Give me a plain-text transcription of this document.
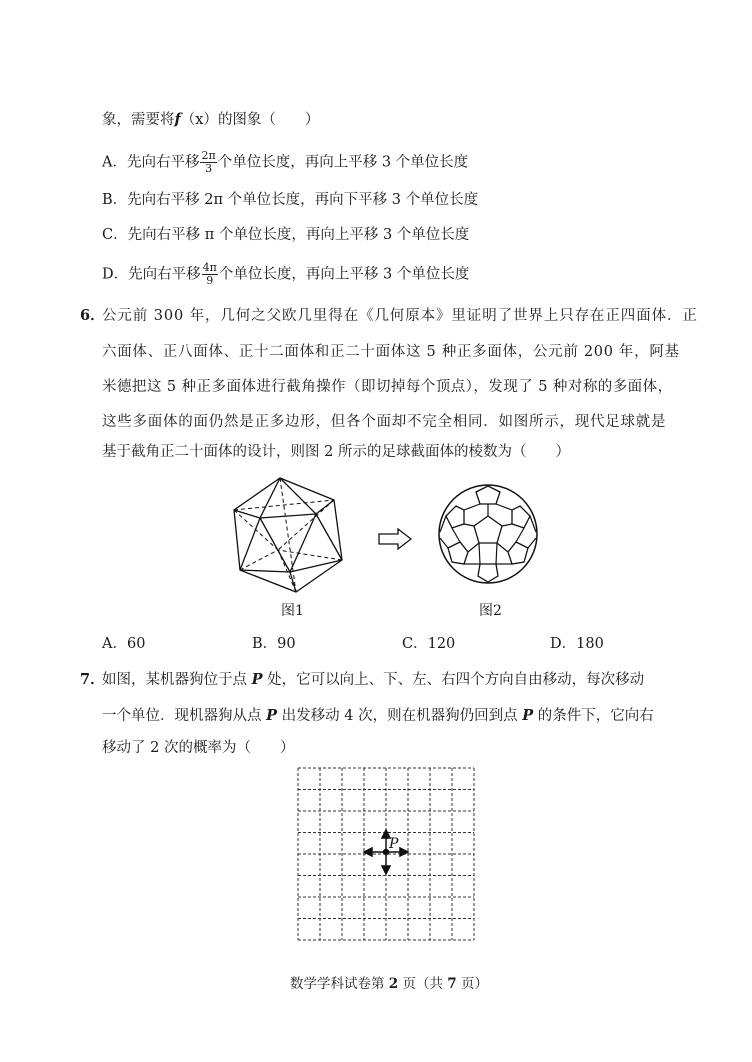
象，需要将f（x）的图象（　　）
A．先向右平移 $\frac{2\pi}{3}$ 个单位长度，再向上平移 3 个单位长度
B．先向右平移 2π 个单位长度，再向下平移 3 个单位长度
C．先向右平移 π 个单位长度，再向上平移 3 个单位长度
D．先向右平移 $\frac{4\pi}{9}$ 个单位长度，再向上平移 3 个单位长度
6．
公元前 300 年，几何之父欧几里得在《几何原本》里证明了世界上只存在正四面体．正
六面体、正八面体、正十二面体和正二十面体这 5 种正多面体，公元前 200 年，阿基
米德把这 5 种正多面体进行截角操作（即切掉每个顶点），发现了 5 种对称的多面体，
这些多面体的面仍然是正多边形，但各个面却不完全相同．如图所示，现代足球就是
基于截角正二十面体的设计，则图 2 所示的足球截面体的棱数为（　　）
图1	图2
A．60	B．90	C．120	D．180
7．
如图，某机器狗位于点 P 处，它可以向上、下、左、右四个方向自由移动，每次移动
一个单位．现机器狗从点 P 出发移动 4 次，则在机器狗仍回到点 P 的条件下，它向右
移动了 2 次的概率为（　　）
P
数学学科试卷第 2 页（共 7 页）
